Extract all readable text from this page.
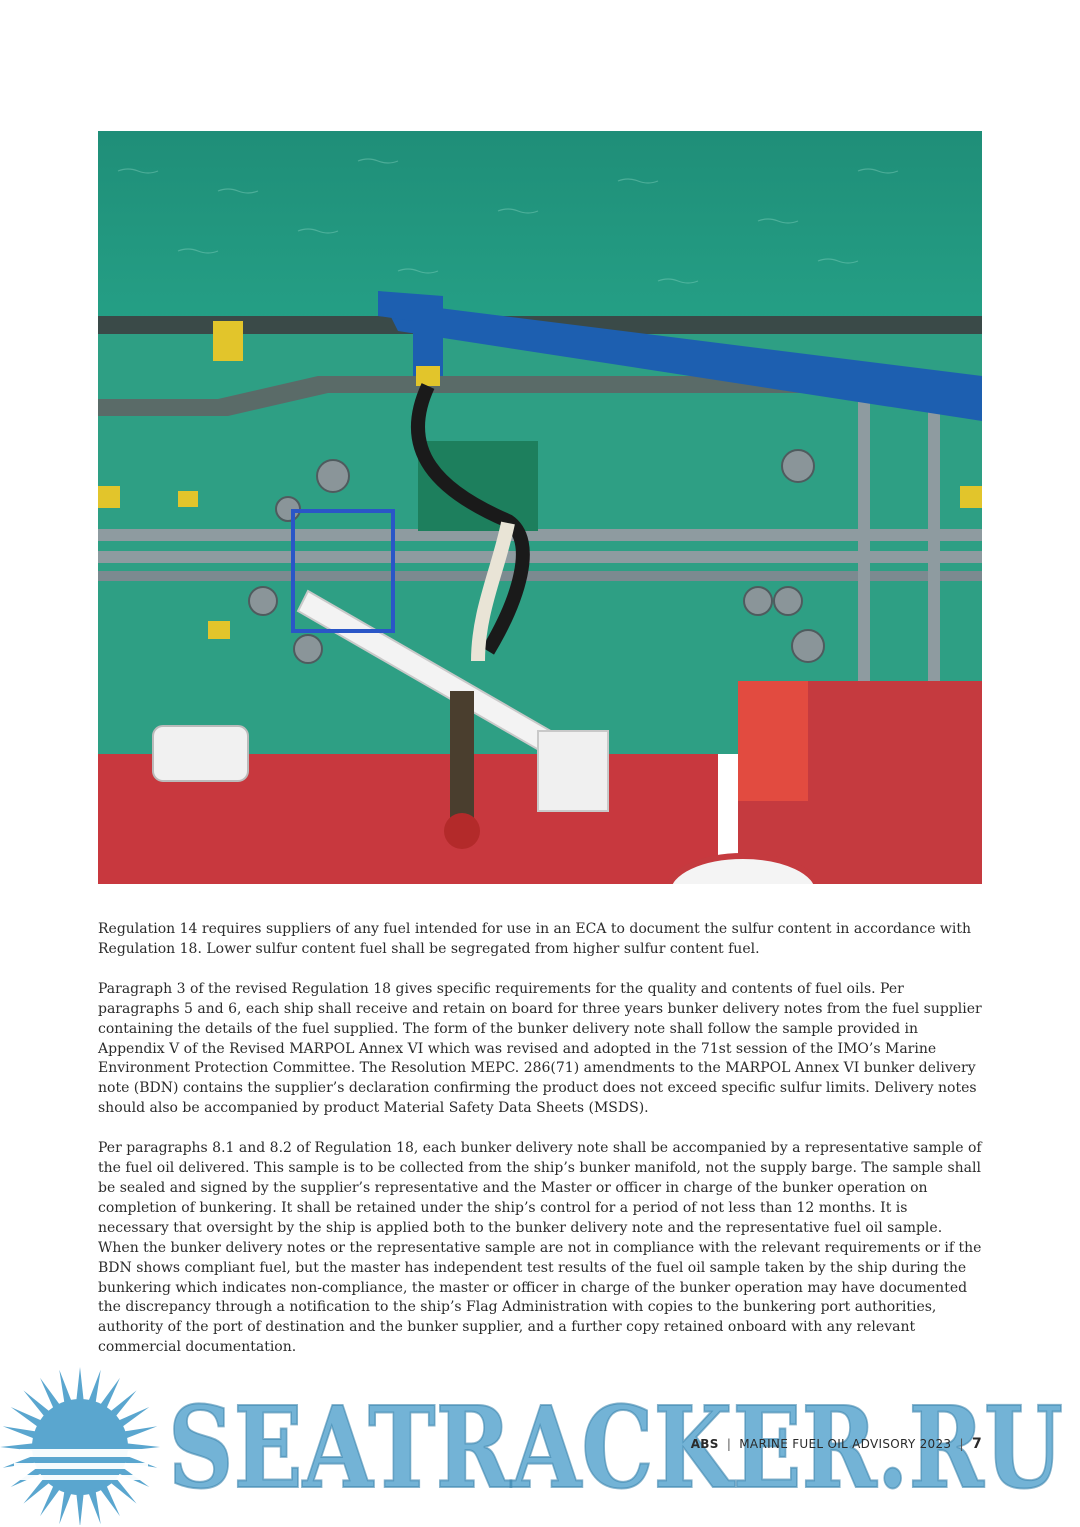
Regulation 14 requires suppliers of any fuel intended for use in an ECA to document the sulfur content in accordance with Regulation 18. Lower sulfur content fuel shall be segregated from higher sulfur content fuel.

Paragraph 3 of the revised Regulation 18 gives specific requirements for the quality and contents of fuel oils. Per paragraphs 5 and 6, each ship shall receive and retain on board for three years bunker delivery notes from the fuel supplier containing the details of the fuel supplied. The form of the bunker delivery note shall follow the sample provided in Appendix V of the Revised MARPOL Annex VI which was revised and adopted in the 71st session of the IMO’s Marine Environment Protection Committee. The Resolution MEPC. 286(71) amendments to the MARPOL Annex VI bunker delivery note (BDN) contains the supplier’s declaration confirming the product does not exceed specific sulfur limits. Delivery notes should also be accompanied by product Material Safety Data Sheets (MSDS).

Per paragraphs 8.1 and 8.2 of Regulation 18, each bunker delivery note shall be accompanied by a representative sample of the fuel oil delivered. This sample is to be collected from the ship’s bunker manifold, not the supply barge. The sample shall be sealed and signed by the supplier’s representative and the Master or officer in charge of the bunker operation on completion of bunkering. It shall be retained under the ship’s control for a period of not less than 12 months. It is necessary that oversight by the ship is applied both to the bunker delivery note and the representative fuel oil sample. When the bunker delivery notes or the representative sample are not in compliance with the relevant requirements or if the BDN shows compliant fuel, but the master has independent test results of the fuel oil sample taken by the ship during the bunkering which indicates non-compliance, the master or officer in charge of the bunker operation may have documented the discrepancy through a notification to the ship’s Flag Administration with copies to the bunkering port authorities, authority of the port of destination and the bunker supplier, and a further copy retained onboard with any relevant commercial documentation.

SEATRACKER.RU
ABS | MARINE FUEL OIL ADVISORY 2023 | 7
